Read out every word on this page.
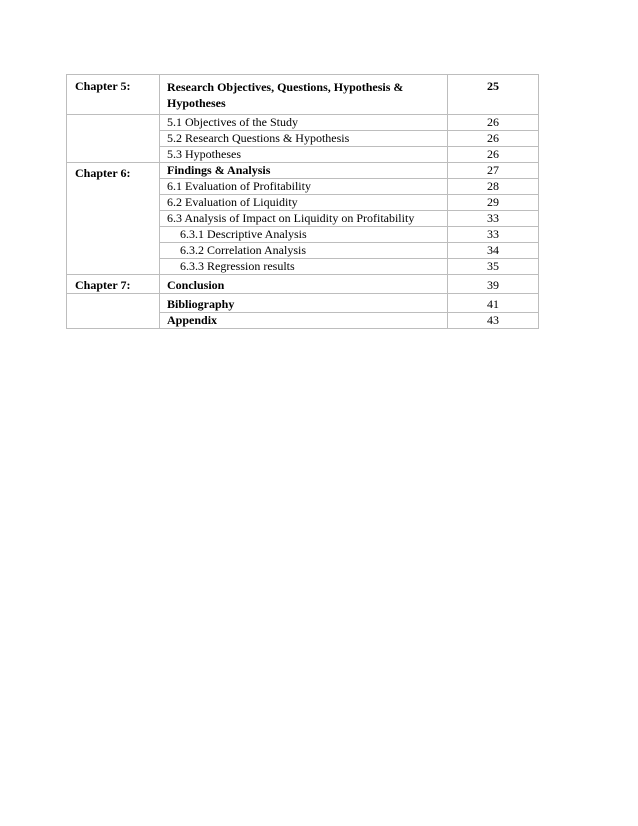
Chapter 5:	Research Objectives, Questions, Hypothesis & Hypotheses	25
	5.1 Objectives of the Study	26
	5.2 Research Questions & Hypothesis	26
	5.3 Hypotheses	26
Chapter 6:	Findings & Analysis	27
	6.1 Evaluation of Profitability	28
	6.2 Evaluation of Liquidity	29
	6.3 Analysis of Impact on Liquidity on Profitability	33
	6.3.1 Descriptive Analysis	33
	6.3.2 Correlation Analysis	34
	6.3.3 Regression results	35
Chapter 7:	Conclusion	39
	Bibliography	41
	Appendix	43
